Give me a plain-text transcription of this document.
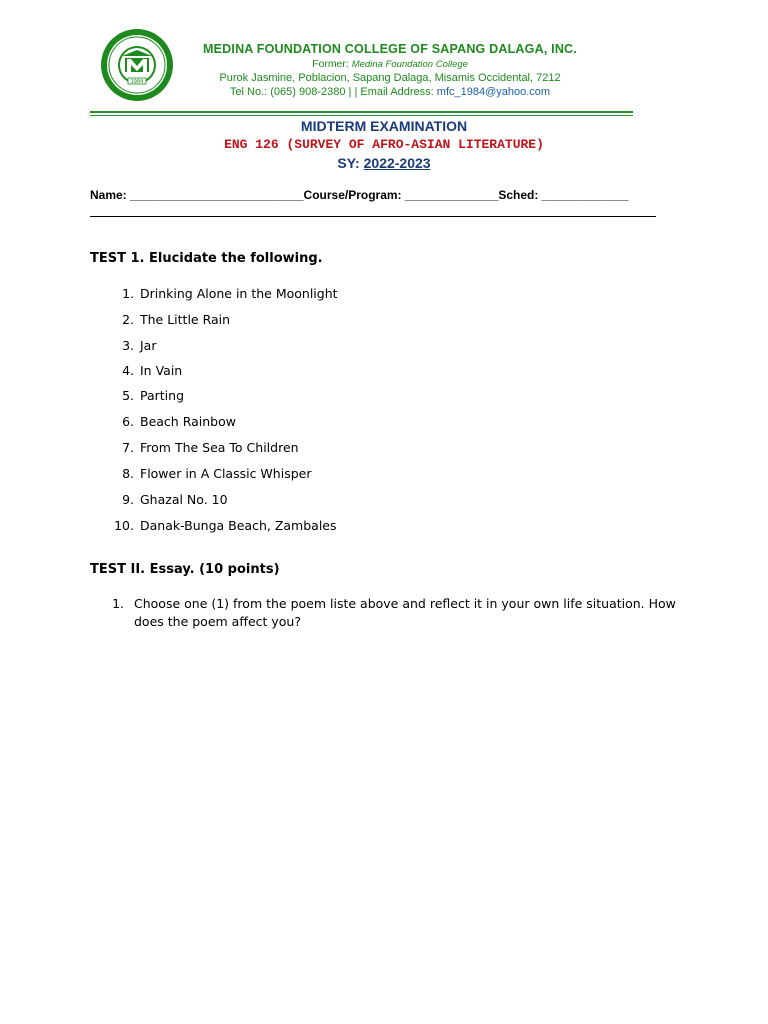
1984

MEDINA FOUNDATION COLLEGE OF SAPANG DALAGA, INC.

Former: Medina Foundation College

Purok Jasmine, Poblacion, Sapang Dalaga, Misamis Occidental, 7212

Tel No.: (065) 908-2380 | | Email Address: mfc_1984@yahoo.com

MIDTERM EXAMINATION
ENG 126 (SURVEY OF AFRO-ASIAN LITERATURE)
SY: 2022-2023
Name: __________________________Course/Program: ______________Sched: _____________
TEST 1. Elucidate the following.
1. Drinking Alone in the Moonlight
2. The Little Rain
3. Jar
4. In Vain
5. Parting
6. Beach Rainbow
7. From The Sea To Children
8. Flower in A Classic Whisper
9. Ghazal No. 10
10. Danak-Bunga Beach, Zambales
TEST II. Essay. (10 points)
1. Choose one (1) from the poem liste above and reflect it in your own life situation. How does the poem affect you?
